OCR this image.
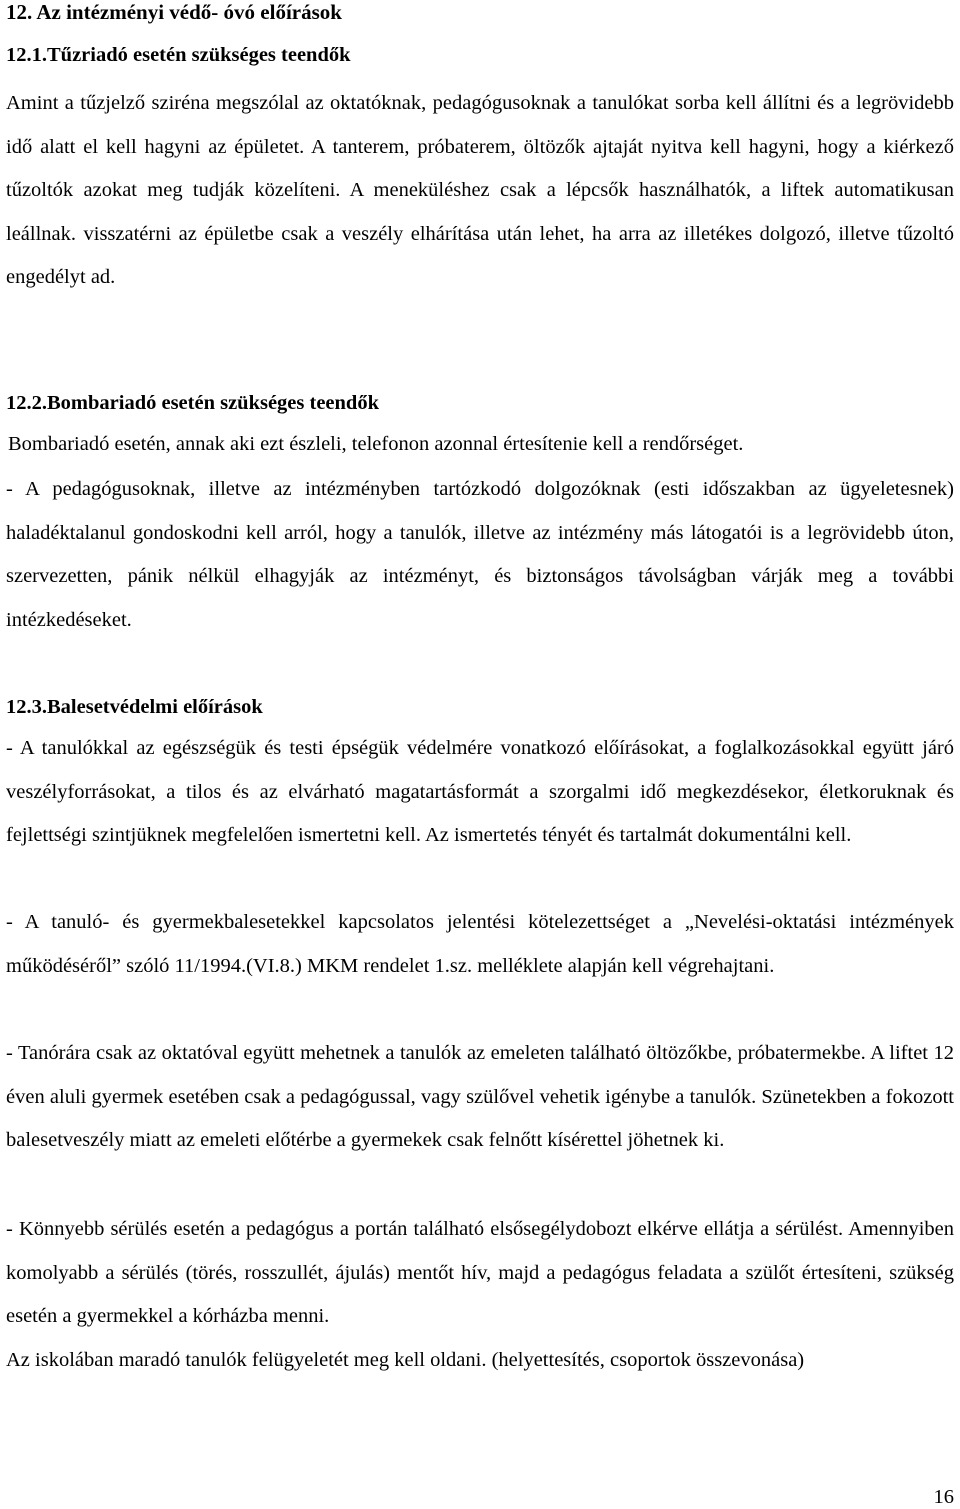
12. Az intézményi védő- óvó előírások
12.1.Tűzriadó esetén szükséges teendők

Amint a tűzjelző sziréna megszólal az oktatóknak, pedagógusoknak a tanulókat sorba kell állítni és a legrövidebb idő alatt el kell hagyni az épületet. A tanterem, próbaterem, öltözők ajtaját nyitva kell hagyni, hogy a kiérkező tűzoltók azokat meg tudják közelíteni. A meneküléshez csak a lépcsők használhatók, a liftek automatikusan leállnak. visszatérni az épületbe csak a veszély elhárítása után lehet, ha arra az illetékes dolgozó, illetve tűzoltó engedélyt ad.

12.2.Bombariadó esetén szükséges teendők

Bombariadó esetén, annak aki ezt észleli, telefonon azonnal értesítenie kell a rendőrséget.

- A pedagógusoknak, illetve az intézményben tartózkodó dolgozóknak (esti időszakban az ügyeletesnek) haladéktalanul gondoskodni kell arról, hogy a tanulók, illetve az intézmény más látogatói is a legrövidebb úton, szervezetten, pánik nélkül elhagyják az intézményt, és biztonságos távolságban várják meg a további intézkedéseket.

12.3.Balesetvédelmi előírások

- A tanulókkal az egészségük és testi épségük védelmére vonatkozó előírásokat, a foglalkozásokkal együtt járó veszélyforrásokat, a tilos és az elvárható magatartásformát a szorgalmi idő megkezdésekor, életkoruknak és fejlettségi szintjüknek megfelelően ismertetni kell. Az ismertetés tényét és tartalmát dokumentálni kell.

- A tanuló- és gyermekbalesetekkel kapcsolatos jelentési kötelezettséget a „Nevelési-oktatási intézmények működéséről” szóló 11/1994.(VI.8.) MKM rendelet 1.sz. melléklete alapján kell végrehajtani.

- Tanórára csak az oktatóval együtt mehetnek a tanulók az emeleten található öltözőkbe, próbatermekbe. A liftet 12 éven aluli gyermek esetében csak a pedagógussal, vagy szülővel vehetik igénybe a tanulók. Szünetekben a fokozott balesetveszély miatt az emeleti előtérbe a gyermekek csak felnőtt kísérettel jöhetnek ki.

- Könnyebb sérülés esetén a pedagógus a portán található elsősegélydobozt elkérve ellátja a sérülést. Amennyiben komolyabb a sérülés (törés, rosszullét, ájulás) mentőt hív, majd a pedagógus feladata a szülőt értesíteni, szükség esetén a gyermekkel a kórházba menni.

Az iskolában maradó tanulók felügyeletét meg kell oldani. (helyettesítés, csoportok összevonása)

16
